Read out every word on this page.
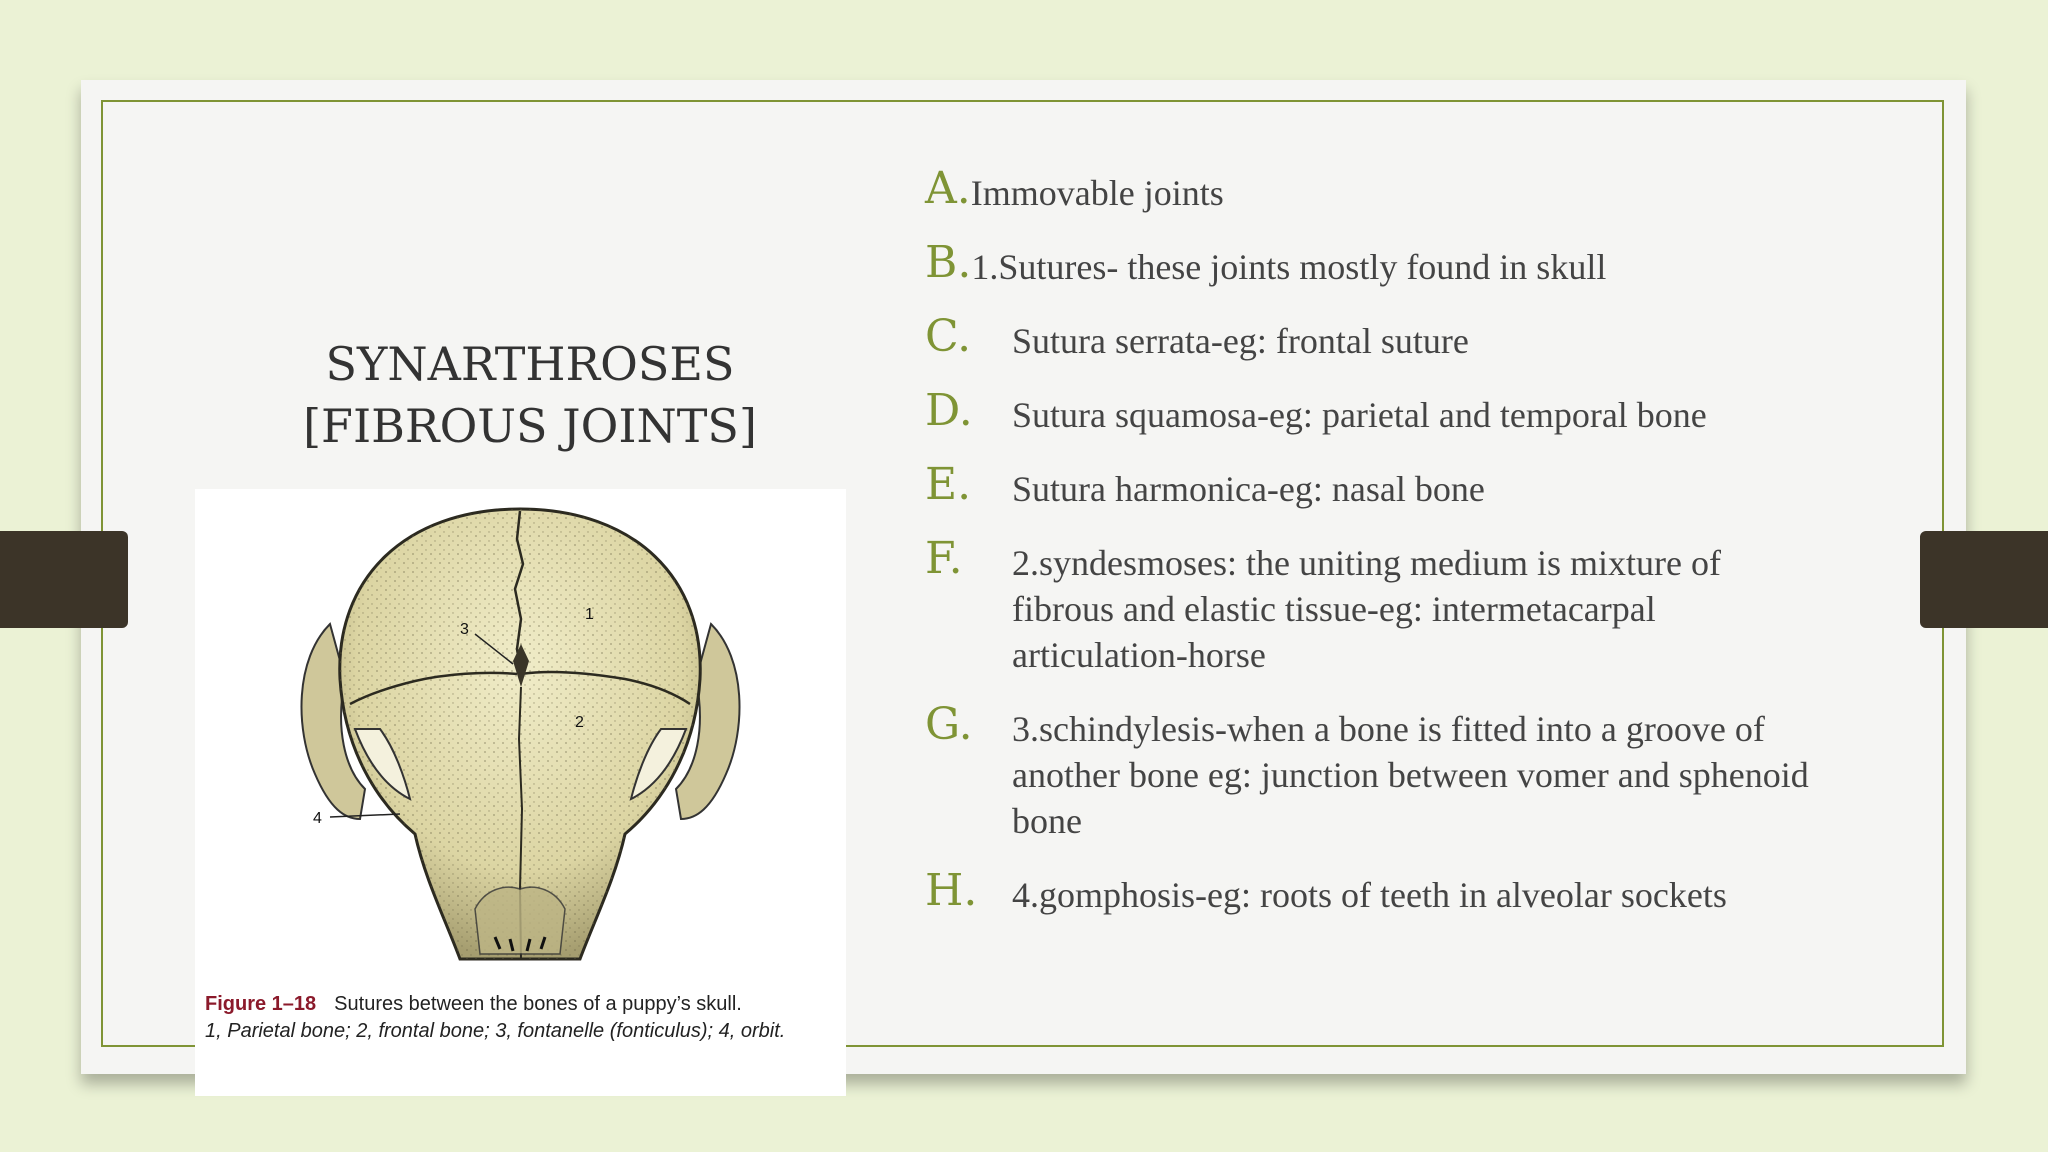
SYNARTHROSES
[FIBROUS JOINTS]
1
2
3
4
Figure 1–18 Sutures between the bones of a puppy’s skull.
1, Parietal bone; 2, frontal bone; 3, fontanelle (fonticulus); 4, orbit.
A. Immovable joints
B. 1.Sutures- these joints mostly found in skull
C.	Sutura serrata-eg: frontal suture
D.	Sutura squamosa-eg: parietal and temporal bone
E.	Sutura harmonica-eg: nasal bone
F.	2.syndesmoses: the uniting medium is mixture of fibrous and elastic tissue-eg: intermetacarpal articulation-horse
G.	3.schindylesis-when a bone is fitted into a groove of another bone eg: junction between vomer and sphenoid bone
H. 4.gomphosis-eg: roots of teeth in alveolar sockets
